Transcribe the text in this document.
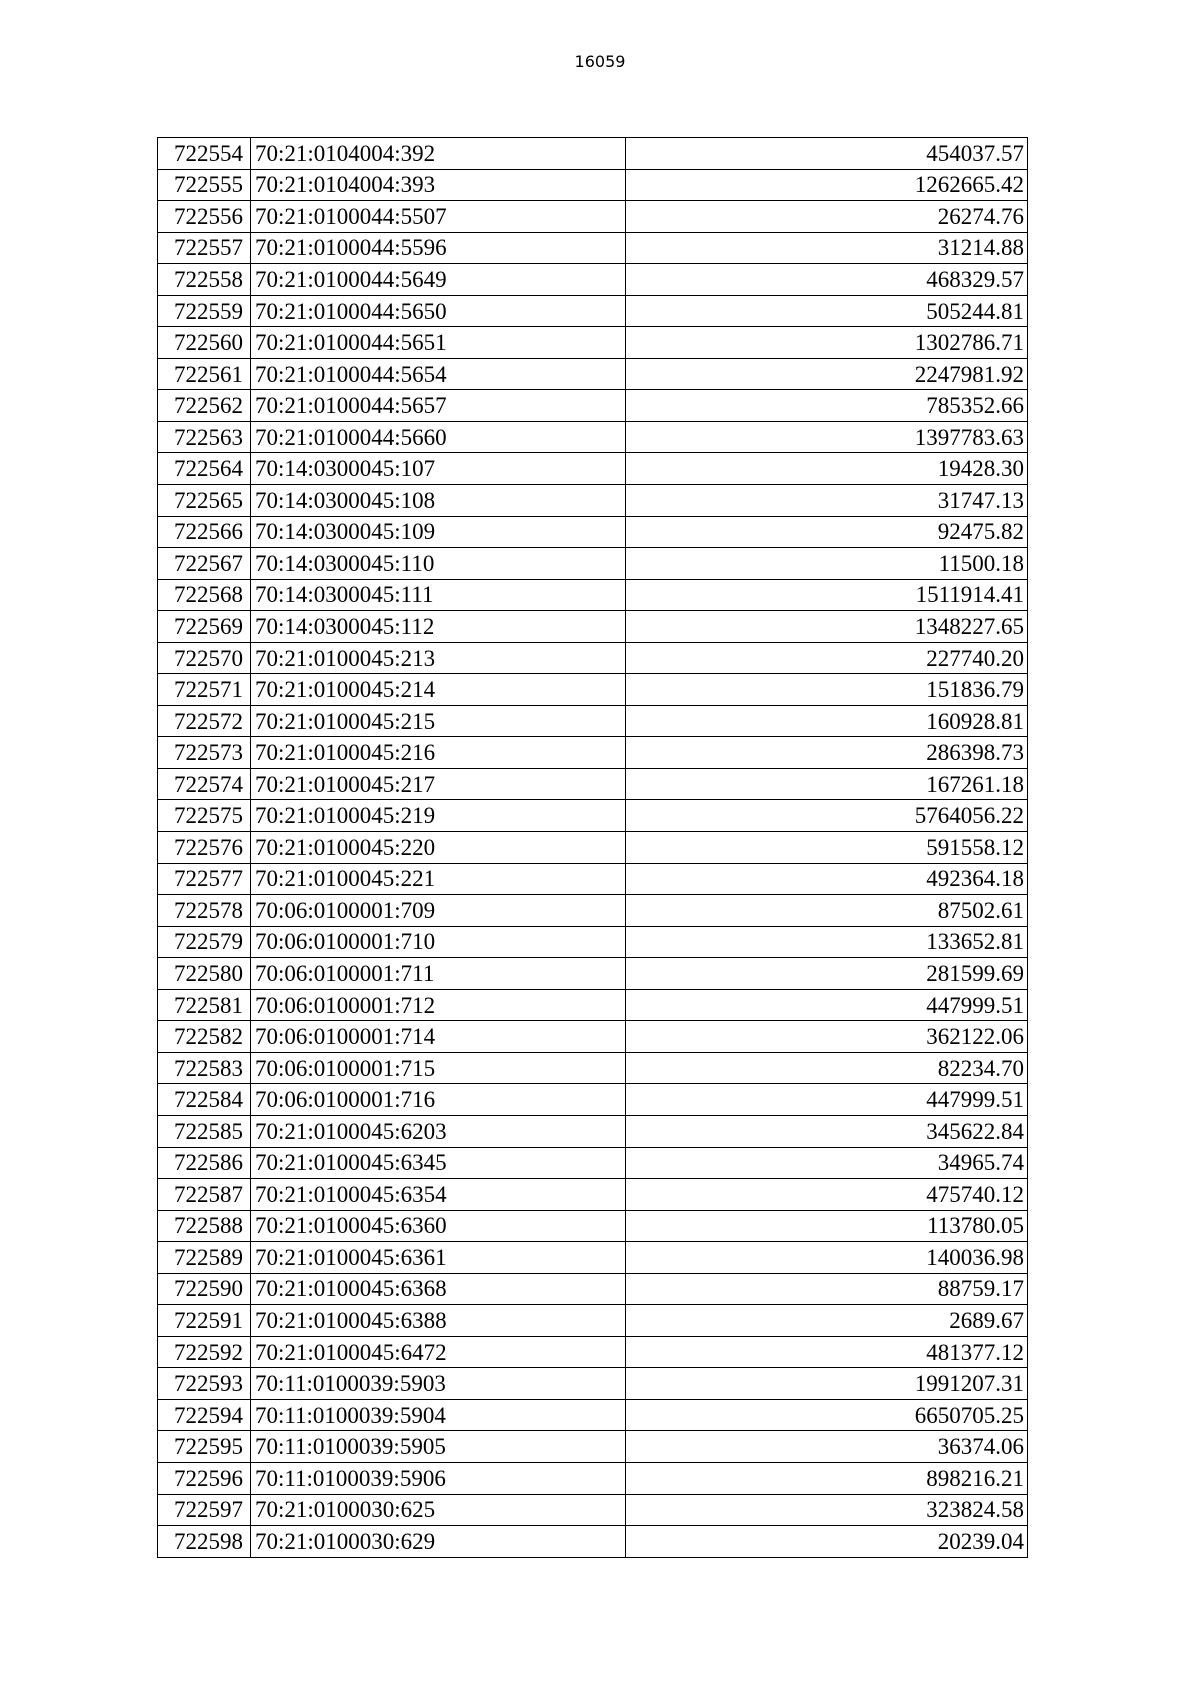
16059
722554	70:21:0104004:392	454037.57
722555	70:21:0104004:393	1262665.42
722556	70:21:0100044:5507	26274.76
722557	70:21:0100044:5596	31214.88
722558	70:21:0100044:5649	468329.57
722559	70:21:0100044:5650	505244.81
722560	70:21:0100044:5651	1302786.71
722561	70:21:0100044:5654	2247981.92
722562	70:21:0100044:5657	785352.66
722563	70:21:0100044:5660	1397783.63
722564	70:14:0300045:107	19428.30
722565	70:14:0300045:108	31747.13
722566	70:14:0300045:109	92475.82
722567	70:14:0300045:110	11500.18
722568	70:14:0300045:111	1511914.41
722569	70:14:0300045:112	1348227.65
722570	70:21:0100045:213	227740.20
722571	70:21:0100045:214	151836.79
722572	70:21:0100045:215	160928.81
722573	70:21:0100045:216	286398.73
722574	70:21:0100045:217	167261.18
722575	70:21:0100045:219	5764056.22
722576	70:21:0100045:220	591558.12
722577	70:21:0100045:221	492364.18
722578	70:06:0100001:709	87502.61
722579	70:06:0100001:710	133652.81
722580	70:06:0100001:711	281599.69
722581	70:06:0100001:712	447999.51
722582	70:06:0100001:714	362122.06
722583	70:06:0100001:715	82234.70
722584	70:06:0100001:716	447999.51
722585	70:21:0100045:6203	345622.84
722586	70:21:0100045:6345	34965.74
722587	70:21:0100045:6354	475740.12
722588	70:21:0100045:6360	113780.05
722589	70:21:0100045:6361	140036.98
722590	70:21:0100045:6368	88759.17
722591	70:21:0100045:6388	2689.67
722592	70:21:0100045:6472	481377.12
722593	70:11:0100039:5903	1991207.31
722594	70:11:0100039:5904	6650705.25
722595	70:11:0100039:5905	36374.06
722596	70:11:0100039:5906	898216.21
722597	70:21:0100030:625	323824.58
722598	70:21:0100030:629	20239.04
